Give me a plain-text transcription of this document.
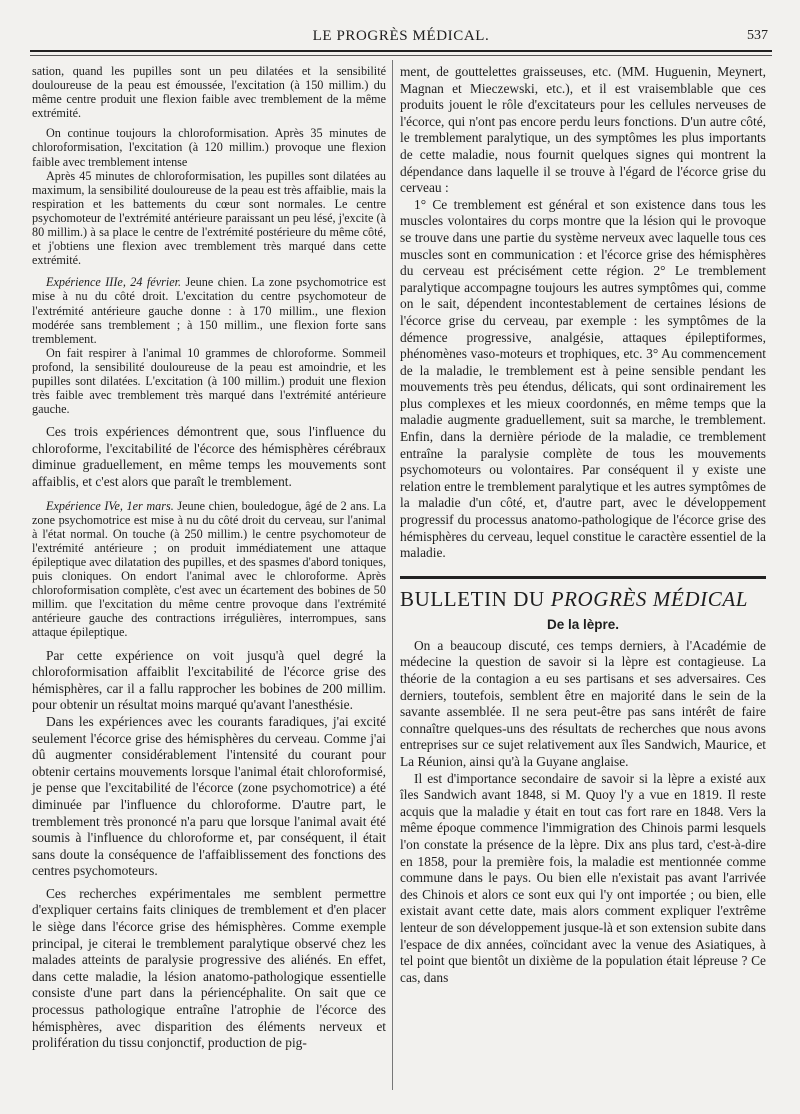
LE PROGRÈS MÉDICAL.	537

sation, quand les pupilles sont un peu dilatées et la sensibilité douloureuse de la peau est émoussée, l'excitation (à 150 millim.) du même centre produit une flexion faible avec tremblement de la même extrémité.

On continue toujours la chloroformisation. Après 35 minutes de chloroformisation, l'excitation (à 120 millim.) provoque une flexion faible avec tremblement intense

Après 45 minutes de chloroformisation, les pupilles sont dilatées au maximum, la sensibilité douloureuse de la peau est très affaiblie, mais la respiration et les battements du cœur sont normales. Le centre psychomoteur de l'extrémité antérieure paraissant un peu lésé, j'excite (à 80 millim.) à sa place le centre de l'extrémité postérieure du même côté, et j'obtiens une flexion avec tremblement très marqué dans cette extrémité.

Expérience IIIe, 24 février. Jeune chien. La zone psychomotrice est mise à nu du côté droit. L'excitation du centre psychomoteur de l'extrémité antérieure gauche donne : à 170 millim., une flexion modérée sans tremblement ; à 150 millim., une flexion forte sans tremblement.

On fait respirer à l'animal 10 grammes de chloroforme. Sommeil profond, la sensibilité douloureuse de la peau est amoindrie, et les pupilles sont dilatées. L'excitation (à 100 millim.) produit une flexion très faible avec tremblement très marqué dans l'extrémité antérieure gauche.

Ces trois expériences démontrent que, sous l'influence du chloroforme, l'excitabilité de l'écorce des hémisphères cérébraux diminue graduellement, en même temps les mouvements sont affaiblis, et c'est alors que paraît le tremblement.

Expérience IVe, 1er mars. Jeune chien, bouledogue, âgé de 2 ans. La zone psychomotrice est mise à nu du côté droit du cerveau, sur l'animal à l'état normal. On touche (à 250 millim.) le centre psychomoteur de l'extrémité antérieure ; on produit immédiatement une attaque épileptique avec dilatation des pupilles, et des spasmes d'abord toniques, puis cloniques. On endort l'animal avec le chloroforme. Après chloroformisation complète, c'est avec un écartement des bobines de 50 millim. que l'excitation du même centre provoque dans l'extrémité antérieure gauche des contractions irrégulières, interrompues, sans attaque épileptique.

Par cette expérience on voit jusqu'à quel degré la chloroformisation affaiblit l'excitabilité de l'écorce grise des hémisphères, car il a fallu rapprocher les bobines de 200 millim. pour obtenir un résultat moins marqué qu'avant l'anesthésie.

Dans les expériences avec les courants faradiques, j'ai excité seulement l'écorce grise des hémisphères du cerveau. Comme j'ai dû augmenter considérablement l'intensité du courant pour obtenir certains mouvements lorsque l'animal était chloroformisé, je pense que l'excitabilité de l'écorce (zone psychomotrice) a été diminuée par l'influence du chloroforme. D'autre part, le tremblement très prononcé n'a paru que lorsque l'animal avait été soumis à l'influence du chloroforme et, par conséquent, il était sans doute la conséquence de l'affaiblissement des fonctions des centres psychomoteurs.

Ces recherches expérimentales me semblent permettre d'expliquer certains faits cliniques de tremblement et d'en placer le siège dans l'écorce grise des hémisphères. Comme exemple principal, je citerai le tremblement paralytique observé chez les malades atteints de paralysie progressive des aliénés. En effet, dans cette maladie, la lésion anatomo-pathologique essentielle consiste d'une part dans la périencéphalite. On sait que ce processus pathologique entraîne l'atrophie de l'écorce des hémisphères, avec disparition des éléments nerveux et prolifération du tissu conjonctif, production de pig-

ment, de gouttelettes graisseuses, etc. (MM. Huguenin, Meynert, Magnan et Mieczewski, etc.), et il est vraisemblable que ces produits jouent le rôle d'excitateurs pour les cellules nerveuses de l'écorce, qui n'ont pas encore perdu leurs fonctions. D'un autre côté, le tremblement paralytique, un des symptômes les plus importants de cette maladie, nous fournit quelques signes qui montrent la dépendance dans laquelle il se trouve à l'égard de l'écorce grise du cerveau :

1° Ce tremblement est général et son existence dans tous les muscles volontaires du corps montre que la lésion qui le provoque se trouve dans une partie du système nerveux avec laquelle tous ces muscles sont en communication : et l'écorce grise des hémisphères du cerveau est précisément cette région. 2° Le tremblement paralytique accompagne toujours les autres symptômes qui, comme on le sait, dépendent incontestablement de certaines lésions de l'écorce grise du cerveau, par exemple : les symptômes de la démence progressive, analgésie, attaques épileptiformes, phénomènes vaso-moteurs et trophiques, etc. 3° Au commencement de la maladie, le tremblement est à peine sensible pendant les mouvements très peu étendus, délicats, qui sont ordinairement les plus complexes et les mieux coordonnés, en même temps que la maladie augmente graduellement, suit sa marche, le tremblement. Enfin, dans la dernière période de la maladie, ce tremblement entraîne la paralysie complète de tous les mouvements psychomoteurs ou volontaires. Par conséquent il y existe une relation entre le tremblement paralytique et les autres symptômes de la maladie d'un côté, et, d'autre part, avec le développement progressif du processus anatomo-pathologique de l'écorce grise des hémisphères du cerveau, lequel constitue le caractère essentiel de la maladie.

BULLETIN DU PROGRÈS MÉDICAL
De la lèpre.

On a beaucoup discuté, ces temps derniers, à l'Académie de médecine la question de savoir si la lèpre est contagieuse. La théorie de la contagion a eu ses partisans et ses adversaires. Ces derniers, toutefois, semblent être en majorité dans le sein de la savante assemblée. Il ne sera peut-être pas sans intérêt de faire connaître quelques-uns des résultats de recherches que nous avons entreprises sur ce sujet relativement aux îles Sandwich, Maurice, et La Réunion, ainsi qu'à la Guyane anglaise.

Il est d'importance secondaire de savoir si la lèpre a existé aux îles Sandwich avant 1848, si M. Quoy l'y a vue en 1819. Il reste acquis que la maladie y était en tout cas fort rare en 1848. Vers la même époque commence l'immigration des Chinois parmi lesquels l'on constate la présence de la lèpre. Dix ans plus tard, c'est-à-dire en 1858, pour la première fois, la maladie est mentionnée comme commune dans le pays. Ou bien elle n'existait pas avant l'arrivée des Chinois et alors ce sont eux qui l'y ont importée ; ou bien, elle existait avant cette date, mais alors comment expliquer l'extrême lenteur de son développement jusque-là et son extension subite dans l'espace de dix années, coïncidant avec la venue des Asiatiques, à tel point que bientôt un dixième de la population était lépreuse ? Ce cas, dans
